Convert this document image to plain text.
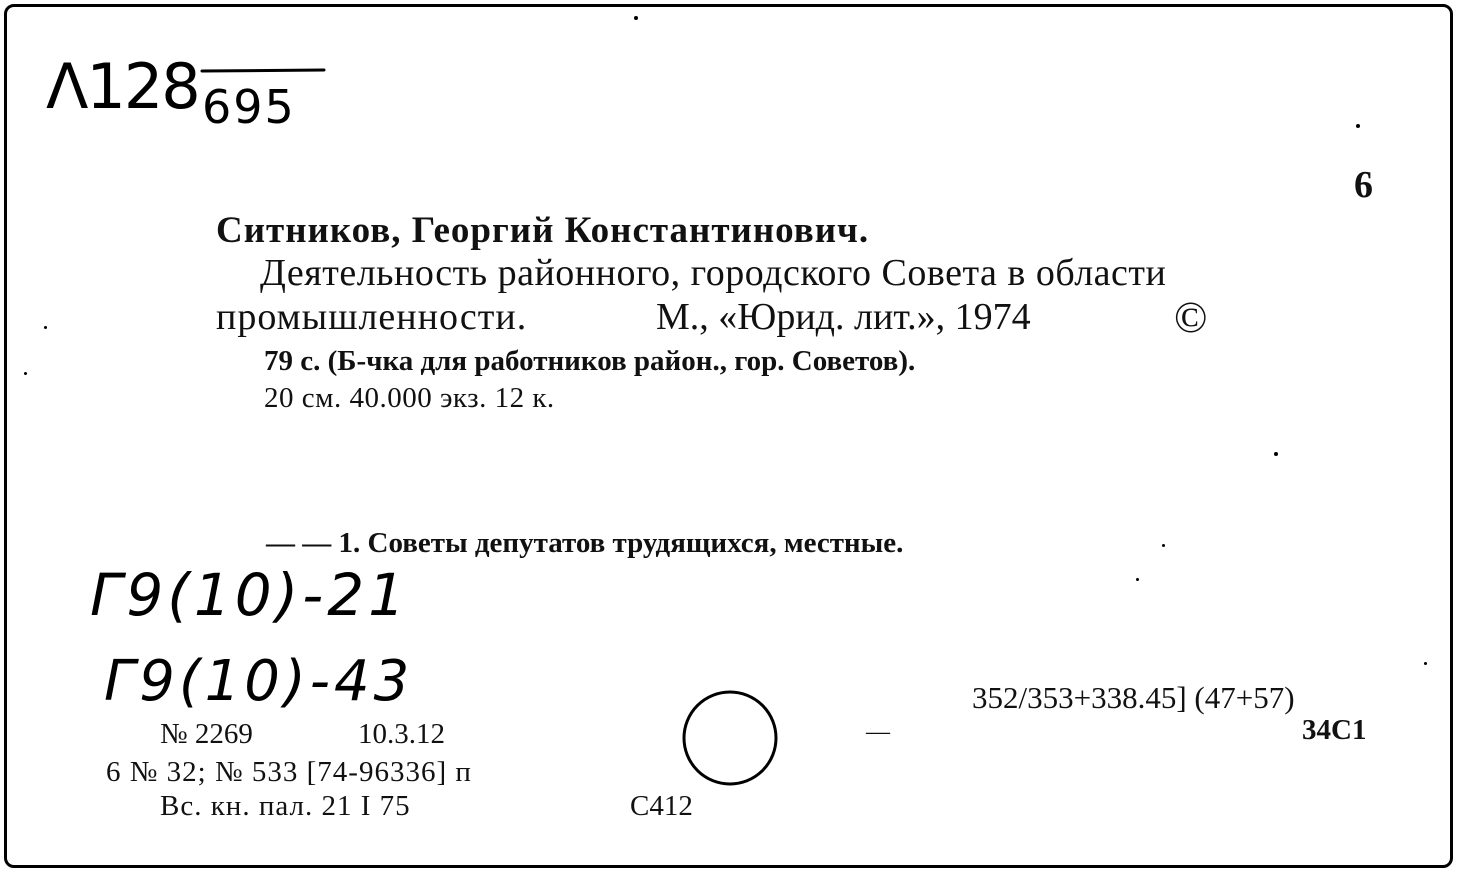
Λ128 695
6
Ситников, Георгий Константинович.
Деятельность районного, городского Совета в области
промышленности.	М., «Юрид. лит.», 1974	©
79 с. (Б-чка для работников район., гор. Советов).
20 см. 40.000 экз. 12 к.
— — 1. Советы депутатов трудящихся, местные.
Г9(10)-21
Г9(10)-43	352/353+338.45] (47+57)
34С1
№ 2269	10.3.12
6 № 32; № 533 [74-96336] п
Вс. кн. пал. 21 I 75	С412
—
